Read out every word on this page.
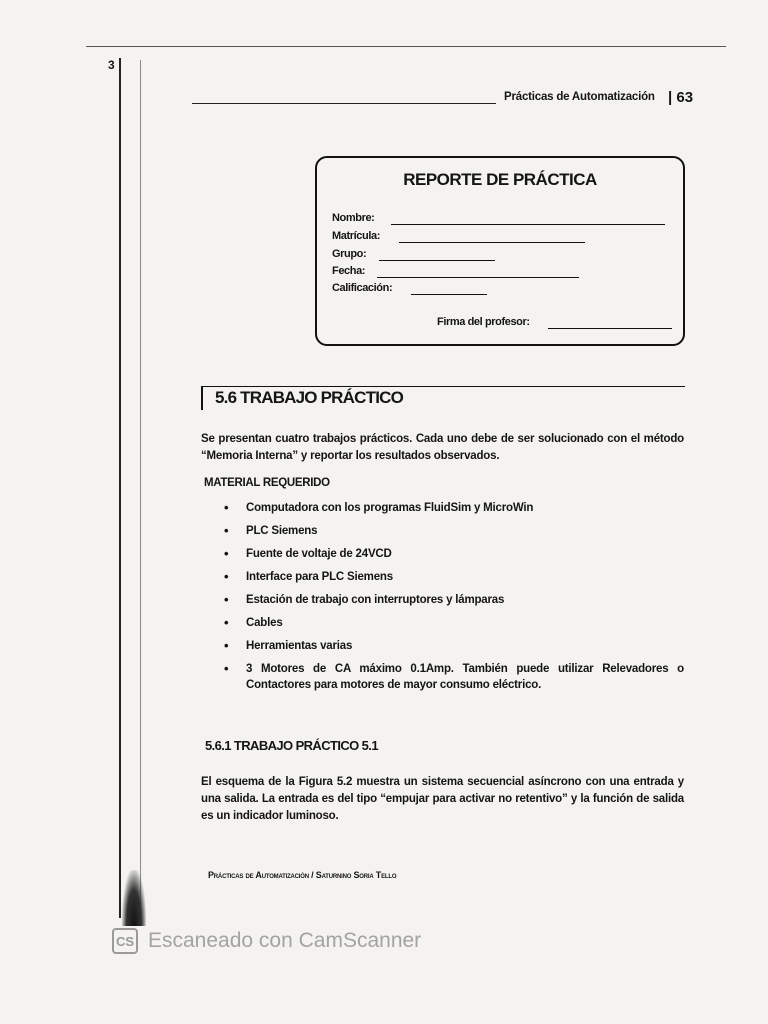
3
Prácticas de Automatización | 63
REPORTE DE PRÁCTICA
Nombre:
Matrícula:
Grupo:
Fecha:
Calificación:
Firma del profesor:
5.6 TRABAJO PRÁCTICO
Se presentan cuatro trabajos prácticos. Cada uno debe de ser solucionado con el método “Memoria Interna” y reportar los resultados observados.
MATERIAL REQUERIDO
• Computadora con los programas FluidSim y MicroWin
• PLC Siemens
• Fuente de voltaje de 24VCD
• Interface para PLC Siemens
• Estación de trabajo con interruptores y lámparas
• Cables
• Herramientas varias
• 3 Motores de CA máximo 0.1Amp. También puede utilizar Relevadores o Contactores para motores de mayor consumo eléctrico.
5.6.1 TRABAJO PRÁCTICO 5.1
El esquema de la Figura 5.2 muestra un sistema secuencial asíncrono con una entrada y una salida. La entrada es del tipo “empujar para activar no retentivo” y la función de salida es un indicador luminoso.
Prácticas de Automatización / Saturnino Soria Tello
CS Escaneado con CamScanner
